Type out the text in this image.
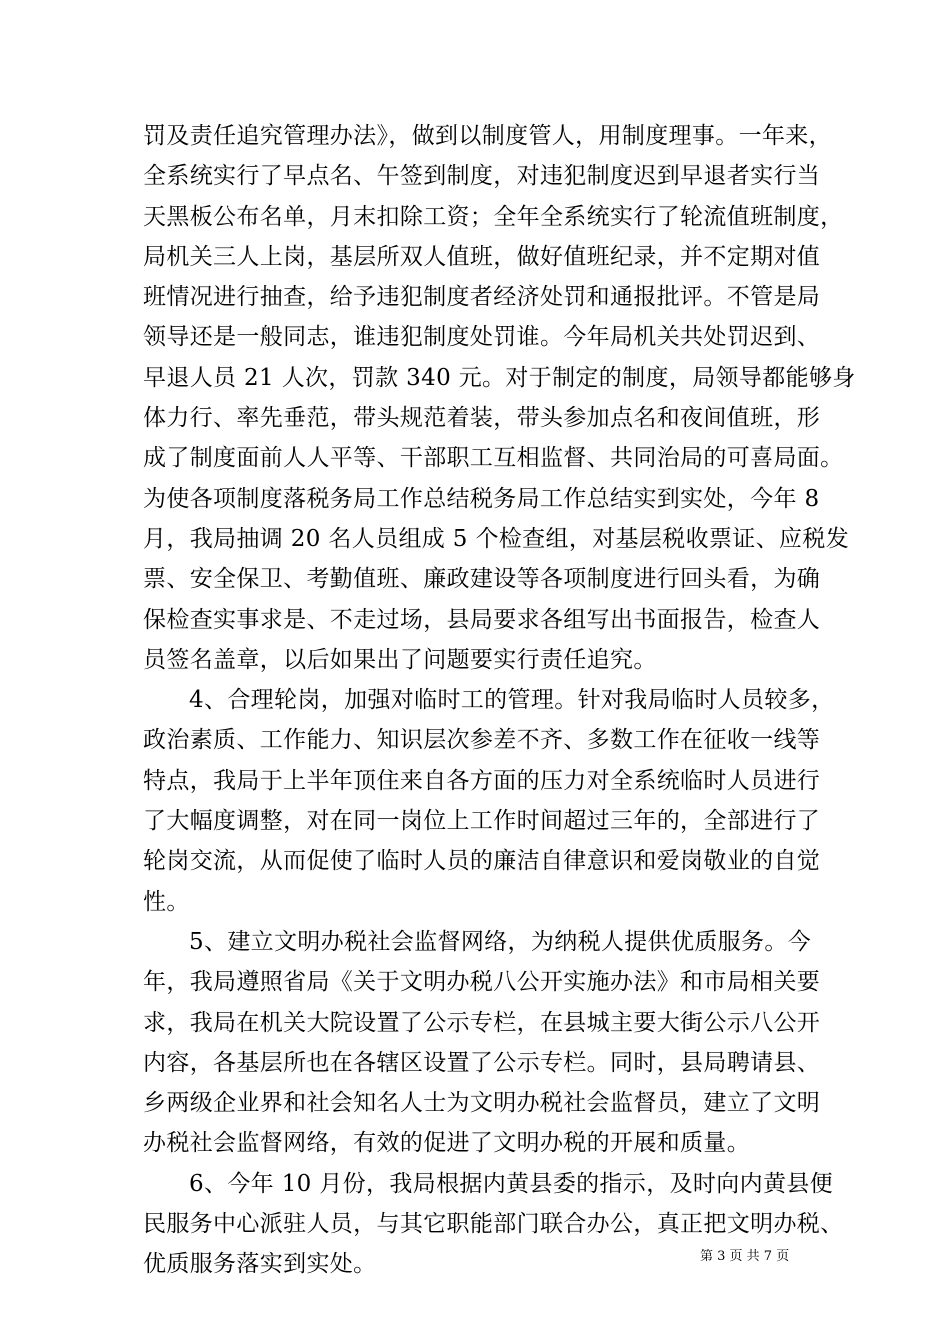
罚及责任追究管理办法》，做到以制度管人，用制度理事。一年来，
全系统实行了早点名、午签到制度，对违犯制度迟到早退者实行当
天黑板公布名单，月末扣除工资；全年全系统实行了轮流值班制度，
局机关三人上岗，基层所双人值班，做好值班纪录，并不定期对值
班情况进行抽查，给予违犯制度者经济处罚和通报批评。不管是局
领导还是一般同志，谁违犯制度处罚谁。今年局机关共处罚迟到、
早退人员 21 人次，罚款 340 元。对于制定的制度，局领导都能够身
体力行、率先垂范，带头规范着装，带头参加点名和夜间值班，形
成了制度面前人人平等、干部职工互相监督、共同治局的可喜局面。
为使各项制度落税务局工作总结税务局工作总结实到实处，今年 8
月，我局抽调 20 名人员组成 5 个检查组，对基层税收票证、应税发
票、安全保卫、考勤值班、廉政建设等各项制度进行回头看，为确
保检查实事求是、不走过场，县局要求各组写出书面报告，检查人
员签名盖章，以后如果出了问题要实行责任追究。
4、合理轮岗，加强对临时工的管理。针对我局临时人员较多，
政治素质、工作能力、知识层次参差不齐、多数工作在征收一线等
特点，我局于上半年顶住来自各方面的压力对全系统临时人员进行
了大幅度调整，对在同一岗位上工作时间超过三年的，全部进行了
轮岗交流，从而促使了临时人员的廉洁自律意识和爱岗敬业的自觉
性。
5、建立文明办税社会监督网络，为纳税人提供优质服务。今
年，我局遵照省局《关于文明办税八公开实施办法》和市局相关要
求，我局在机关大院设置了公示专栏，在县城主要大街公示八公开
内容，各基层所也在各辖区设置了公示专栏。同时，县局聘请县、
乡两级企业界和社会知名人士为文明办税社会监督员，建立了文明
办税社会监督网络，有效的促进了文明办税的开展和质量。
6、今年 10 月份，我局根据内黄县委的指示，及时向内黄县便
民服务中心派驻人员，与其它职能部门联合办公，真正把文明办税、
优质服务落实到实处。	第 3 页 共 7 页
